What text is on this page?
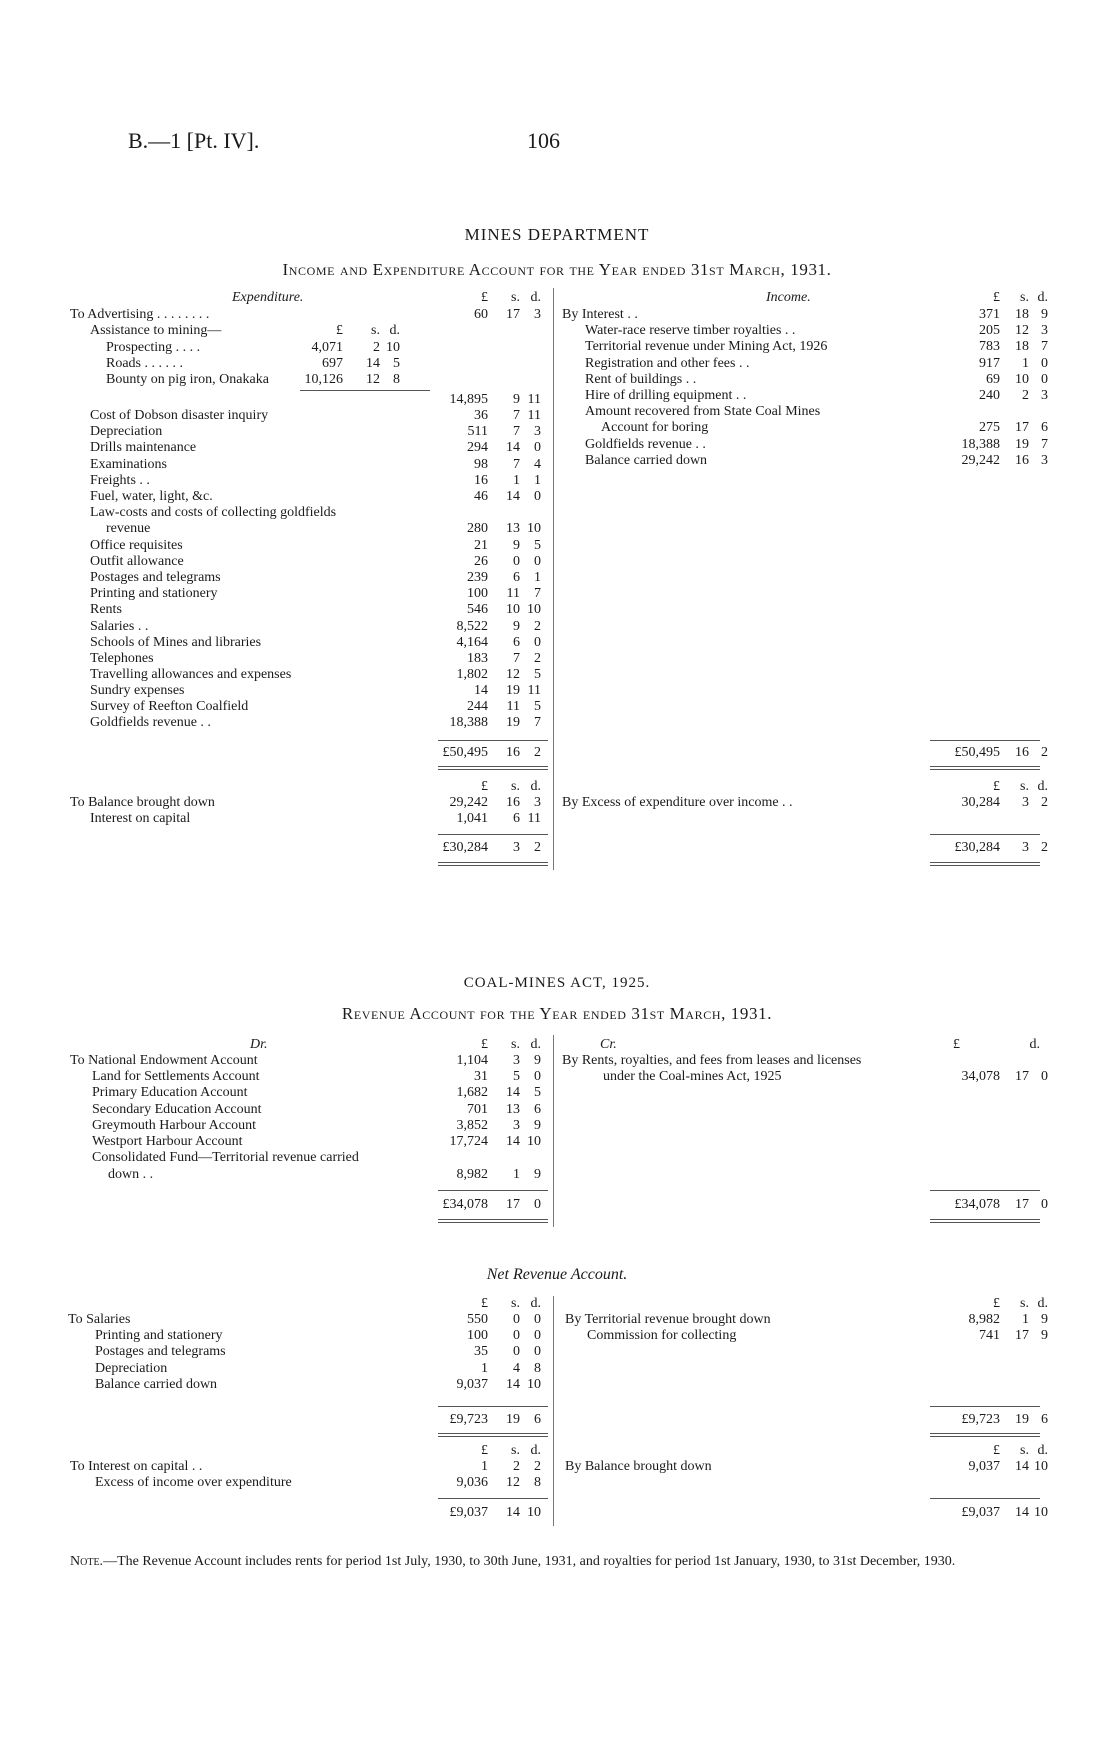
B.—1 [Pt. IV].	106
MINES DEPARTMENT
Income and Expenditure Account for the Year ended 31st March, 1931.
Expenditure.	Income.
£	s. d.	£	s. d.
To Advertising . . . . . . . .	60	17	3
Assistance to mining—	£	s. d.
Prospecting . . . .	4,071	2 10
Roads . . . . . .	697	14 5
Bounty on pig iron, Onakaka	10,126	12 8
14,895	9 11
Cost of Dobson disaster inquiry	36	7 11
Depreciation	511	7	3
Drills maintenance	294	14	0
Examinations	98	7	4
Freights . .	16	1	1
Fuel, water, light, &c.	46	14	0
Law-costs and costs of collecting goldfields
revenue	280	13 10
Office requisites	21	9	5
Outfit allowance	26	0	0
Postages and telegrams	239	6	1
Printing and stationery	100	11	7
Rents	546	10 10
Salaries . .	8,522	9	2
Schools of Mines and libraries	4,164	6	0
Telephones	183	7	2
Travelling allowances and expenses	1,802	12	5
Sundry expenses	14	19 11
Survey of Reefton Coalfield	244	11	5
Goldfields revenue . .	18,388	19	7
By Interest . .	371	18 9
Water-race reserve timber royalties . .	205	12 3
Territorial revenue under Mining Act, 1926	783	18 7
Registration and other fees . .	917	1 0
Rent of buildings . .	69	10 0
Hire of drilling equipment . .	240	2 3
Amount recovered from State Coal Mines
Account for boring	275	17 6
Goldfields revenue . .	18,388	19 7
Balance carried down	29,242	16 3
£50,495	16	2	£50,495	16 2
£	s. d.	£	s. d.
To Balance brought down	29,242	16	3
Interest on capital	1,041	6 11
By Excess of expenditure over income . .	30,284	3 2
£30,284	3	2	£30,284	3 2
£	s. d.	£	d.
To National Endowment Account	1,104	3	9
Land for Settlements Account	31	5	0
Primary Education Account	1,682	14	5
Secondary Education Account	701	13	6
Greymouth Harbour Account	3,852	3	9
Westport Harbour Account	17,724	14 10
Consolidated Fund—Territorial revenue carried
down . .	8,982	1	9
By Rents, royalties, and fees from leases and licenses
under the Coal-mines Act, 1925	34,078	17 0
£34,078	17	0	£34,078	17 0
£	s. d.	£	s. d.
To Salaries	550	0	0
Printing and stationery	100	0	0
Postages and telegrams	35	0	0
Depreciation	1	4	8
Balance carried down	9,037	14 10
By Territorial revenue brought down	8,982	1 9
Commission for collecting	741	17 9
£9,723	19	6	£9,723	19 6
£	s. d.	£	s. d.
To Interest on capital . .	1	2	2
Excess of income over expenditure	9,036	12	8
By Balance brought down	9,037	14 10
£9,037	14 10	£9,037	14 10
COAL-MINES ACT, 1925.
Revenue Account for the Year ended 31st March, 1931.
Dr.	Cr.
Net Revenue Account.
Note.—The Revenue Account includes rents for period 1st July, 1930, to 30th June, 1931, and royalties for period 1st January, 1930, to 31st December, 1930.
